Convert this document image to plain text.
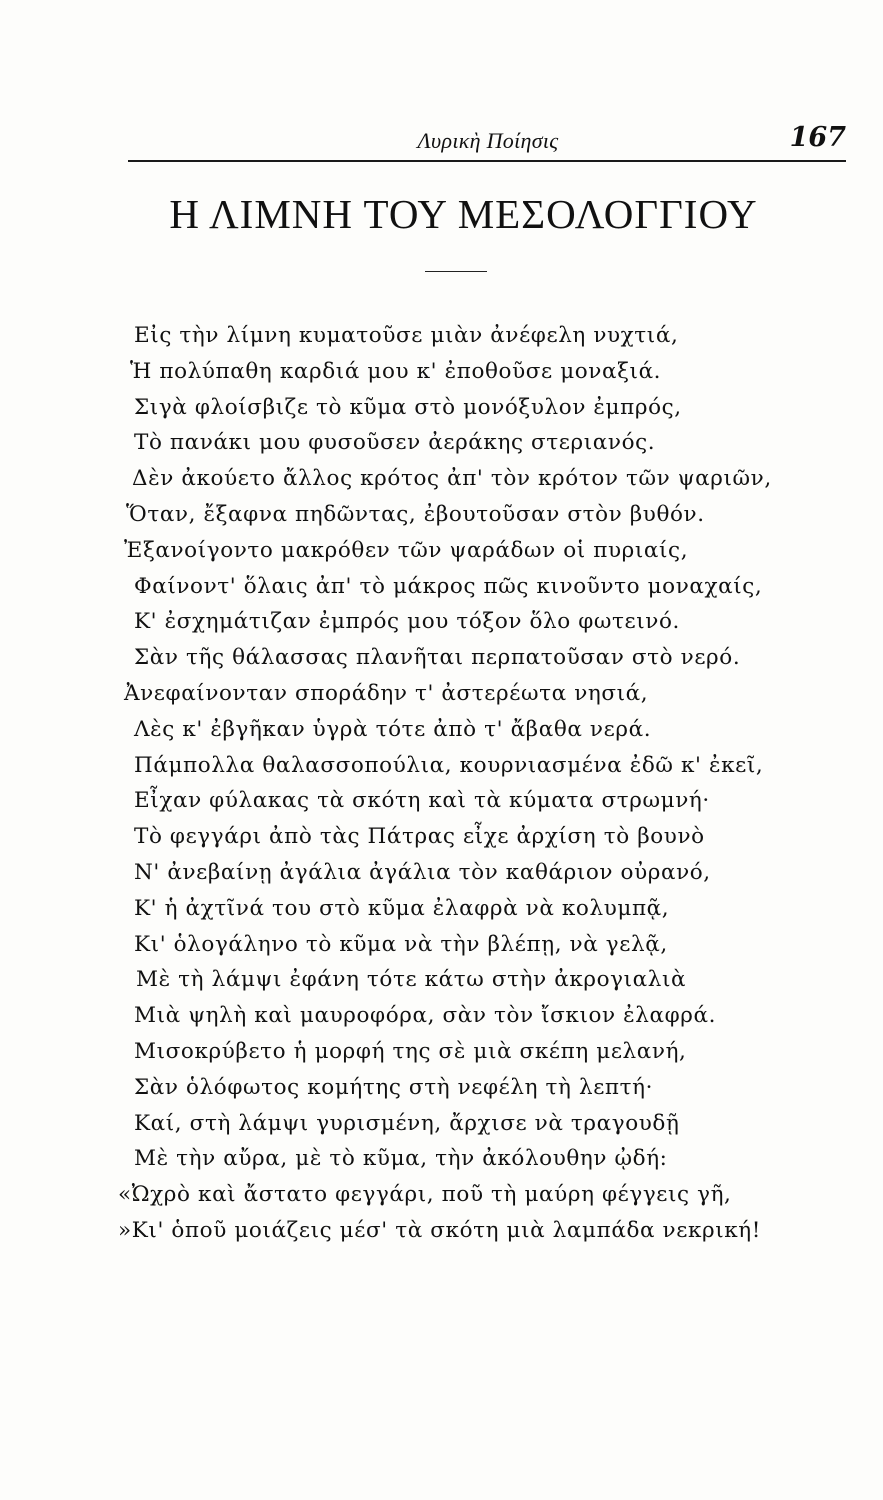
Λυρικὴ Ποίησις	167
Η ΛΙΜΝΗ ΤΟΥ ΜΕΣΟΛΟΓΓΙΟΥ
Εἰς τὴν λίμνη κυματοῦσε μιὰν ἀνέφελη νυχτιά,
Ἡ πολύπαθη καρδιά μου κ' ἐποθοῦσε μοναξιά.
Σιγὰ φλοίσβιζε τὸ κῦμα στὸ μονόξυλον ἐμπρός,
Τὸ πανάκι μου φυσοῦσεν ἀεράκης στεριανός.
Δὲν ἀκούετο ἄλλος κρότος ἀπ' τὸν κρότον τῶν ψαριῶν,
Ὅταν, ἔξαφνα πηδῶντας, ἐβουτοῦσαν στὸν βυθόν.
Ἐξανοίγοντο μακρόθεν τῶν ψαράδων οἱ πυριαίς,
Φαίνοντ' ὅλαις ἀπ' τὸ μάκρος πῶς κινοῦντο μοναχαίς,
Κ' ἐσχημάτιζαν ἐμπρός μου τόξον ὅλο φωτεινό.
Σὰν τῆς θάλασσας πλανῆται περπατοῦσαν στὸ νερό.
Ἀνεφαίνονταν σποράδην τ' ἀστερέωτα νησιά,
Λὲς κ' ἐβγῆκαν ὑγρὰ τότε ἀπὸ τ' ἄβαθα νερά.
Πάμπολλα θαλασσοπούλια, κουρνιασμένα ἐδῶ κ' ἐκεῖ,
Εἶχαν φύλακας τὰ σκότη καὶ τὰ κύματα στρωμνή·
Τὸ φεγγάρι ἀπὸ τὰς Πάτρας εἶχε ἀρχίση τὸ βουνὸ
Ν' ἀνεβαίνῃ ἀγάλια ἀγάλια τὸν καθάριον οὐρανό,
Κ' ἡ ἀχτῖνά του στὸ κῦμα ἐλαφρὰ νὰ κολυμπᾷ,
Κι' ὁλογάληνο τὸ κῦμα νὰ τὴν βλέπῃ, νὰ γελᾷ,
Μὲ τὴ λάμψι ἐφάνη τότε κάτω στὴν ἀκρογιαλιὰ
Μιὰ ψηλὴ καὶ μαυροφόρα, σὰν τὸν ἴσκιον ἐλαφρά.
Μισοκρύβετο ἡ μορφή της σὲ μιὰ σκέπη μελανή,
Σὰν ὁλόφωτος κομήτης στὴ νεφέλη τὴ λεπτή·
Καί, στὴ λάμψι γυρισμένη, ἄρχισε νὰ τραγουδῇ
Μὲ τὴν αὔρα, μὲ τὸ κῦμα, τὴν ἀκόλουθην ᾠδή:
«Ὠχρὸ καὶ ἄστατο φεγγάρι, ποῦ τὴ μαύρη φέγγεις γῆ,
»Κι' ὁποῦ μοιάζεις μέσ' τὰ σκότη μιὰ λαμπάδα νεκρική!
